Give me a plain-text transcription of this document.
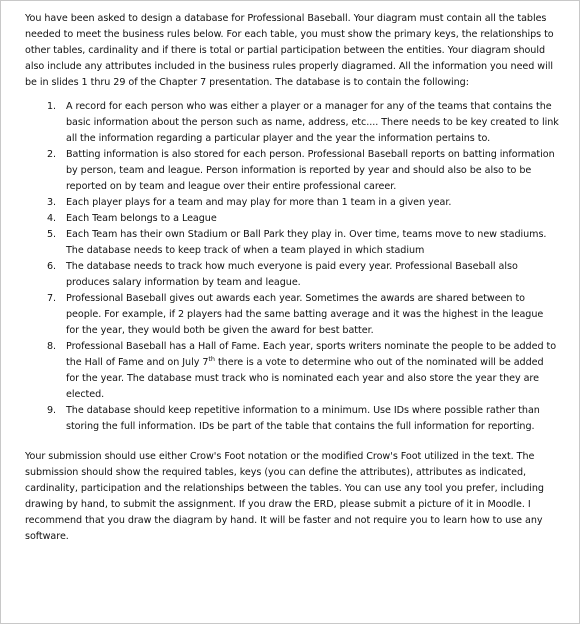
You have been asked to design a database for Professional Baseball. Your diagram must contain all the tables needed to meet the business rules below. For each table, you must show the primary keys, the relationships to other tables, cardinality and if there is total or partial participation between the entities. Your diagram should also include any attributes included in the business rules properly diagramed. All the information you need will be in slides 1 thru 29 of the Chapter 7 presentation. The database is to contain the following:

1. A record for each person who was either a player or a manager for any of the teams that contains the basic information about the person such as name, address, etc.... There needs to be key created to link all the information regarding a particular player and the year the information pertains to.
2. Batting information is also stored for each person. Professional Baseball reports on batting information by person, team and league. Person information is reported by year and should also be also to be reported on by team and league over their entire professional career.
3. Each player plays for a team and may play for more than 1 team in a given year.
4. Each Team belongs to a League
5. Each Team has their own Stadium or Ball Park they play in. Over time, teams move to new stadiums. The database needs to keep track of when a team played in which stadium
6. The database needs to track how much everyone is paid every year. Professional Baseball also produces salary information by team and league.
7. Professional Baseball gives out awards each year. Sometimes the awards are shared between to people. For example, if 2 players had the same batting average and it was the highest in the league for the year, they would both be given the award for best batter.
8. Professional Baseball has a Hall of Fame. Each year, sports writers nominate the people to be added to the Hall of Fame and on July 7th there is a vote to determine who out of the nominated will be added for the year. The database must track who is nominated each year and also store the year they are elected.
9. The database should keep repetitive information to a minimum. Use IDs where possible rather than storing the full information. IDs be part of the table that contains the full information for reporting.

Your submission should use either Crow's Foot notation or the modified Crow's Foot utilized in the text. The submission should show the required tables, keys (you can define the attributes), attributes as indicated, cardinality, participation and the relationships between the tables. You can use any tool you prefer, including drawing by hand, to submit the assignment. If you draw the ERD, please submit a picture of it in Moodle. I recommend that you draw the diagram by hand. It will be faster and not require you to learn how to use any software.
